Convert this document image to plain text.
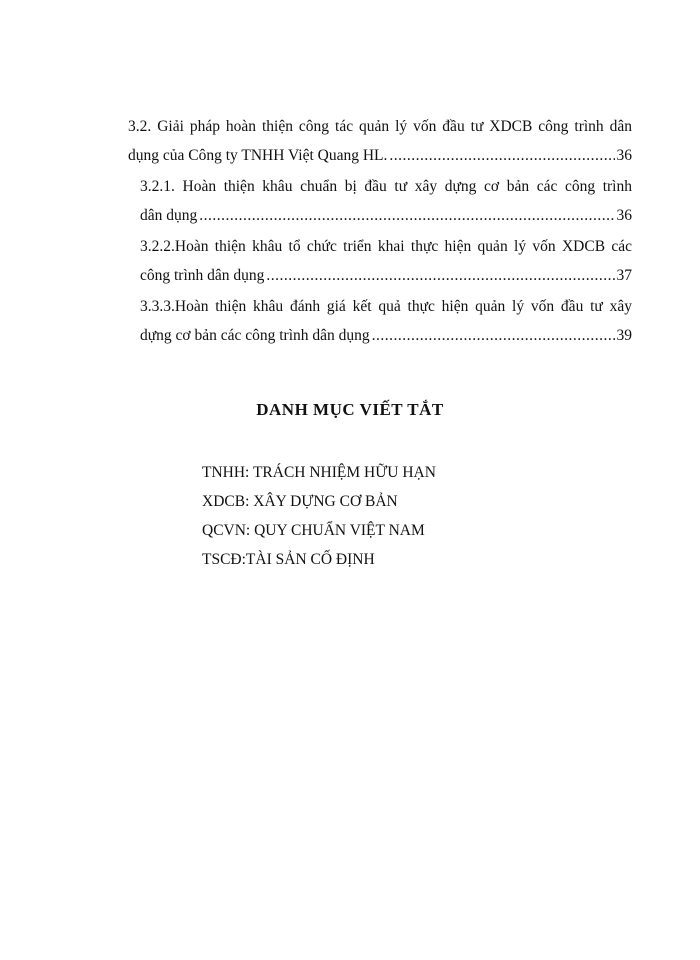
3.2. Giải pháp hoàn thiện công tác quản lý vốn đầu tư XDCB công trình dân
dụng của Công ty TNHH Việt Quang HL. .....	36
3.2.1. Hoàn thiện khâu chuẩn bị đầu tư xây dựng cơ bản các công trình
dân dụng .....	36
3.2.2.Hoàn thiện khâu tổ chức triển khai thực hiện quản lý vốn XDCB các
công trình dân dụng .....	37
3.3.3.Hoàn thiện khâu đánh giá kết quả thực hiện quản lý vốn đầu tư xây
dựng cơ bản các công trình dân dụng .....	39
DANH MỤC VIẾT TẮT
TNHH: TRÁCH NHIỆM HỮU HẠN
XDCB: XÂY DỰNG CƠ BẢN
QCVN: QUY CHUẨN VIỆT NAM
TSCĐ:TÀI SẢN CỐ ĐỊNH
